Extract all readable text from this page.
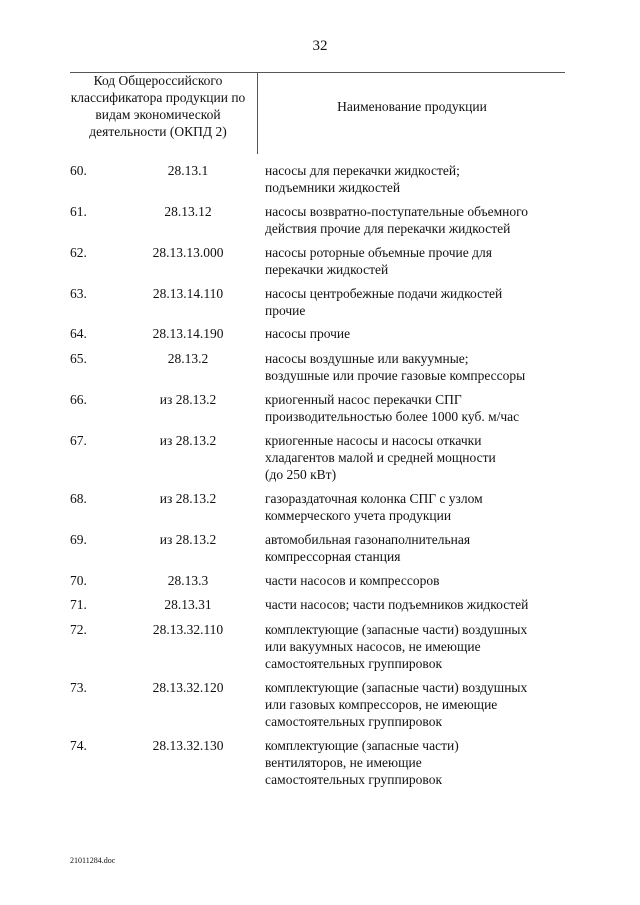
32
Код Общероссийского классификатора продукции по видам экономической деятельности (ОКПД 2)
Наименование продукции
60.	28.13.1	насосы для перекачки жидкостей;
подъемники жидкостей
61.	28.13.12	насосы возвратно-поступательные объемного
действия прочие для перекачки жидкостей
62.	28.13.13.000	насосы роторные объемные прочие для
перекачки жидкостей
63.	28.13.14.110	насосы центробежные подачи жидкостей
прочие
64.	28.13.14.190	насосы прочие
65.	28.13.2	насосы воздушные или вакуумные;
воздушные или прочие газовые компрессоры
66.	из 28.13.2	криогенный насос перекачки СПГ
производительностью более 1000 куб. м/час
67.	из 28.13.2	криогенные насосы и насосы откачки
хладагентов малой и средней мощности
(до 250 кВт)
68.	из 28.13.2	газораздаточная колонка СПГ с узлом
коммерческого учета продукции
69.	из 28.13.2	автомобильная газонаполнительная
компрессорная станция
70.	28.13.3	части насосов и компрессоров
71.	28.13.31	части насосов; части подъемников жидкостей
72.	28.13.32.110	комплектующие (запасные части) воздушных
или вакуумных насосов, не имеющие
самостоятельных группировок
73.	28.13.32.120	комплектующие (запасные части) воздушных
или газовых компрессоров, не имеющие
самостоятельных группировок
74.	28.13.32.130	комплектующие (запасные части)
вентиляторов, не имеющие
самостоятельных группировок
21011284.doc
